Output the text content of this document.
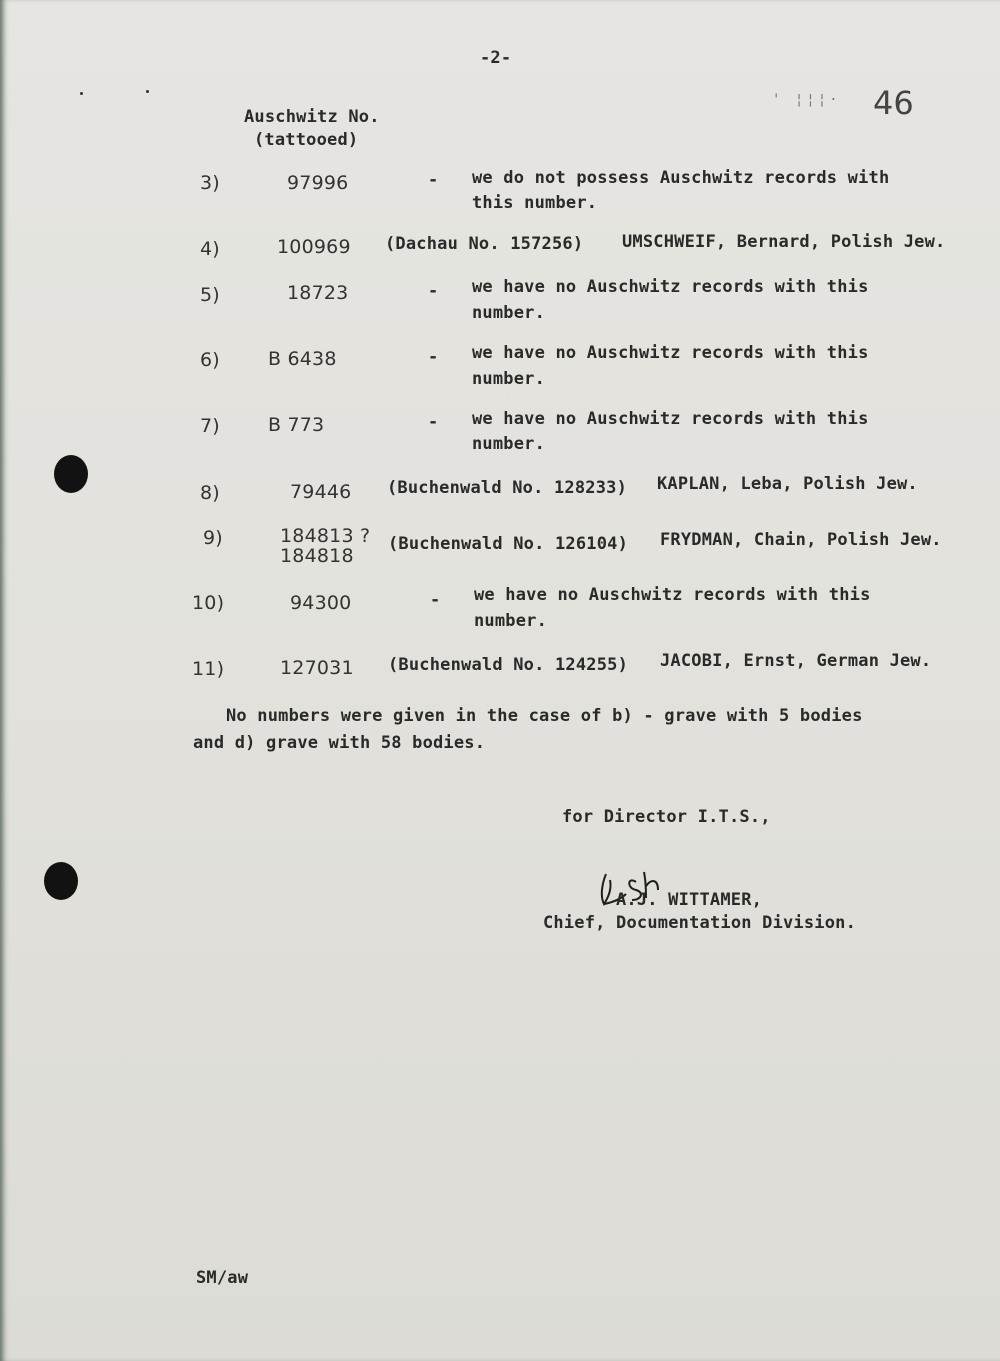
-2-
' ¦¦¦· 46
Auschwitz No.
(tattooed)
3)	97996	- we do not possess Auschwitz records with
this number.
4)	100969 (Dachau No. 157256) UMSCHWEIF, Bernard, Polish Jew.
5)	18723	- we have no Auschwitz records with this
number.
6)	B 6438	- we have no Auschwitz records with this
number.
7)	B 773	- we have no Auschwitz records with this
number.
8)	79446 (Buchenwald No. 128233) KAPLAN, Leba, Polish Jew.
9)	184813 ?
184818
(Buchenwald No. 126104) FRYDMAN, Chain, Polish Jew.
10)	94300	- we have no Auschwitz records with this
number.
11)	127031 (Buchenwald No. 124255) JACOBI, Ernst, German Jew.
No numbers were given in the case of b) - grave with 5 bodies
and d) grave with 58 bodies.
for Director I.T.S.,
A.J. WITTAMER,
Chief, Documentation Division.
SM/aw
